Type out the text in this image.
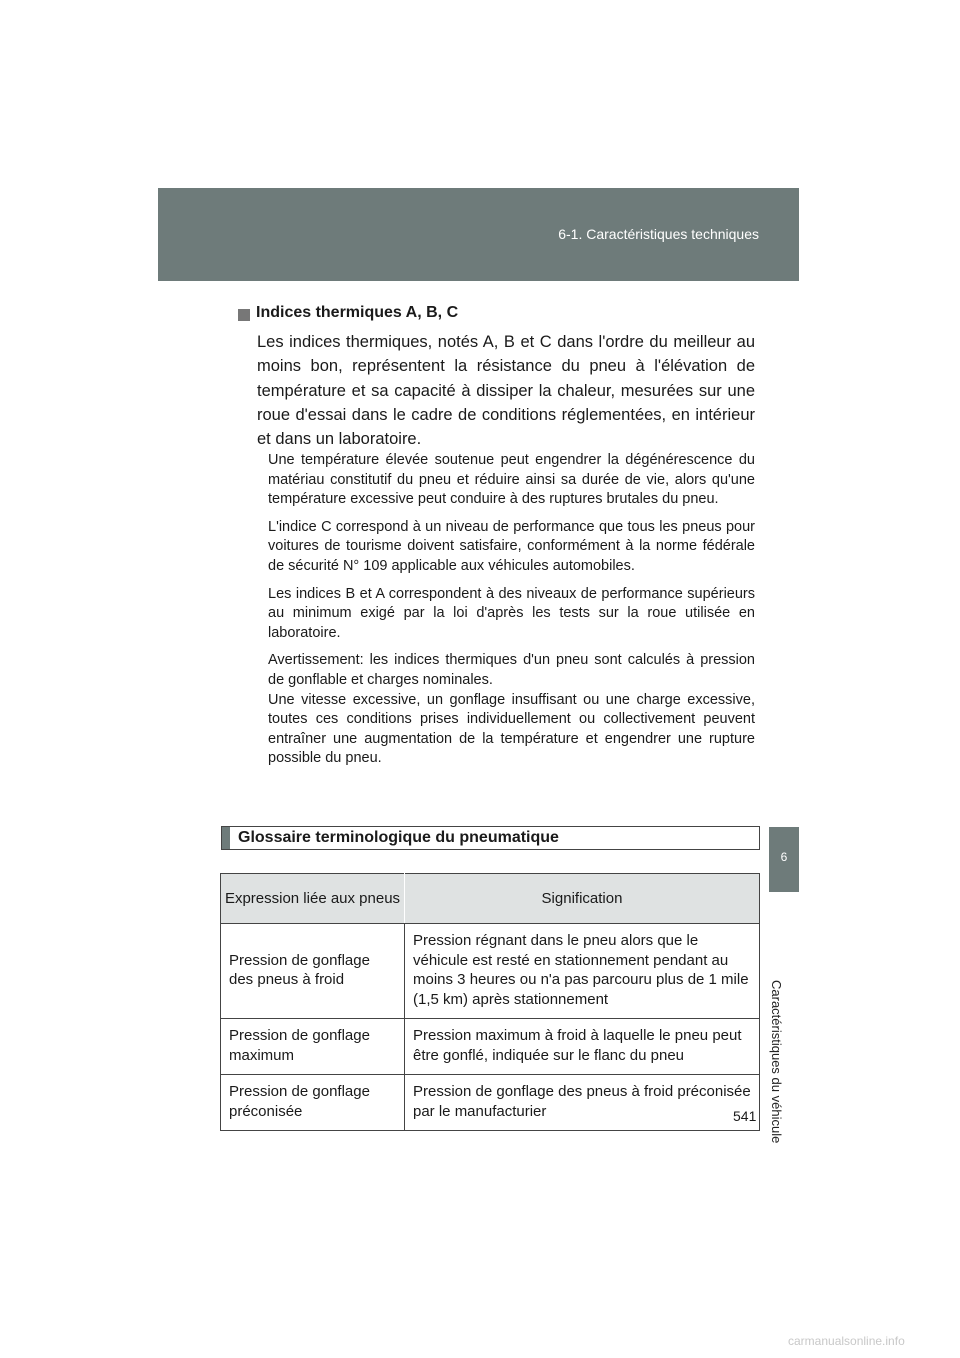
6-1. Caractéristiques techniques
6
Caractéristiques du véhicule
Indices thermiques A, B, C
Les indices thermiques, notés A, B et C dans l'ordre du meilleur au moins bon, représentent la résistance du pneu à l'élévation de température et sa capacité à dissiper la chaleur, mesurées sur une roue d'essai dans le cadre de conditions réglementées, en intérieur et dans un laboratoire.

Une température élevée soutenue peut engendrer la dégénérescence du matériau constitutif du pneu et réduire ainsi sa durée de vie, alors qu'une température excessive peut conduire à des ruptures brutales du pneu.

L'indice C correspond à un niveau de performance que tous les pneus pour voitures de tourisme doivent satisfaire, conformément à la norme fédérale de sécurité N° 109 applicable aux véhicules automobiles.

Les indices B et A correspondent à des niveaux de performance supérieurs au minimum exigé par la loi d'après les tests sur la roue utilisée en laboratoire.

Avertissement: les indices thermiques d'un pneu sont calculés à pression de gonflable et charges nominales.

Une vitesse excessive, un gonflage insuffisant ou une charge excessive, toutes ces conditions prises individuellement ou collectivement peuvent entraîner une augmentation de la température et engendrer une rupture possible du pneu.

Glossaire terminologique du pneumatique
Expression liée aux pneus	Signification
Pression de gonflage des pneus à froid	Pression régnant dans le pneu alors que le véhicule est resté en stationnement pendant au moins 3 heures ou n'a pas parcouru plus de 1 mile (1,5 km) après stationnement
Pression de gonflage maximum	Pression maximum à froid à laquelle le pneu peut être gonflé, indiquée sur le flanc du pneu
Pression de gonflage préconisée	Pression de gonflage des pneus à froid préconisée par le manufacturier	541
carmanualsonline.info
